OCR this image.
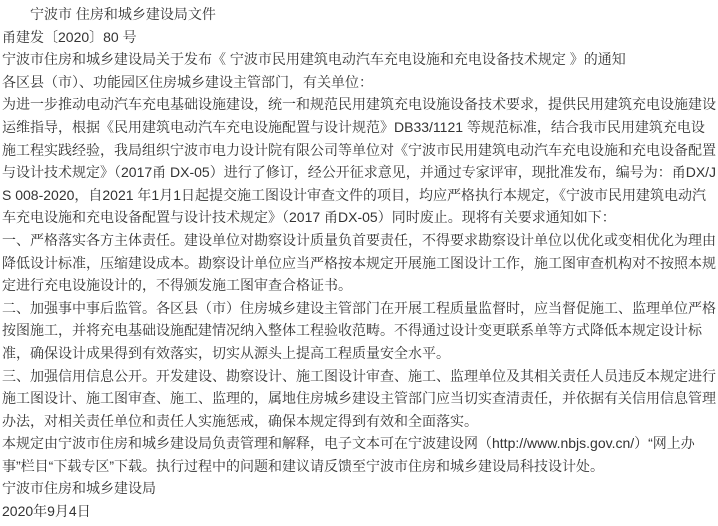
宁波市 住房和城乡建设局文件

甬建发〔2020〕80 号

宁波市住房和城乡建设局关于发布《 宁波市民用建筑电动汽车充电设施和充电设备技术规定 》的通知

各区县（市）、功能园区住房城乡建设主管部门，有关单位：

为进一步推动电动汽车充电基础设施建设，统一和规范民用建筑充电设施设备技术要求，提供民用建筑充电设施建设运维指导，根据《民用建筑电动汽车充电设施配置与设计规范》DB33/1121 等规范标准，结合我市民用建筑充电设施工程实践经验，我局组织宁波市电力设计院有限公司等单位对《宁波市民用建筑电动汽车充电设施和充电设备配置与设计技术规定》（2017甬 DX-05）进行了修订，经公开征求意见，并通过专家评审，现批准发布，编号为：甬DX/JS 008-2020，自2021 年1月1日起提交施工图设计审查文件的项目，均应严格执行本规定，《宁波市民用建筑电动汽车充电设施和充电设备配置与设计技术规定》（2017 甬DX-05）同时废止。现将有关要求通知如下：

一、严格落实各方主体责任。建设单位对勘察设计质量负首要责任，不得要求勘察设计单位以优化或变相优化为理由降低设计标准，压缩建设成本。勘察设计单位应当严格按本规定开展施工图设计工作，施工图审查机构对不按照本规定进行充电设施设计的，不得颁发施工图审查合格证书。

二、加强事中事后监管。各区县（市）住房城乡建设主管部门在开展工程质量监督时，应当督促施工、监理单位严格按图施工，并将充电基础设施配建情况纳入整体工程验收范畴。不得通过设计变更联系单等方式降低本规定设计标准，确保设计成果得到有效落实，切实从源头上提高工程质量安全水平。

三、加强信用信息公开。开发建设、勘察设计、施工图设计审查、施工、监理单位及其相关责任人员违反本规定进行施工图设计、施工图审查、施工、监理的，属地住房城乡建设主管部门应当切实查清责任，并依据有关信用信息管理办法，对相关责任单位和责任人实施惩戒，确保本规定得到有效和全面落实。

本规定由宁波市住房和城乡建设局负责管理和解释，电子文本可在宁波建设网（http://www.nbjs.gov.cn/）“网上办事”栏目“下载专区”下载。执行过程中的问题和建议请反馈至宁波市住房和城乡建设局科技设计处。

宁波市住房和城乡建设局

2020年9月4日
